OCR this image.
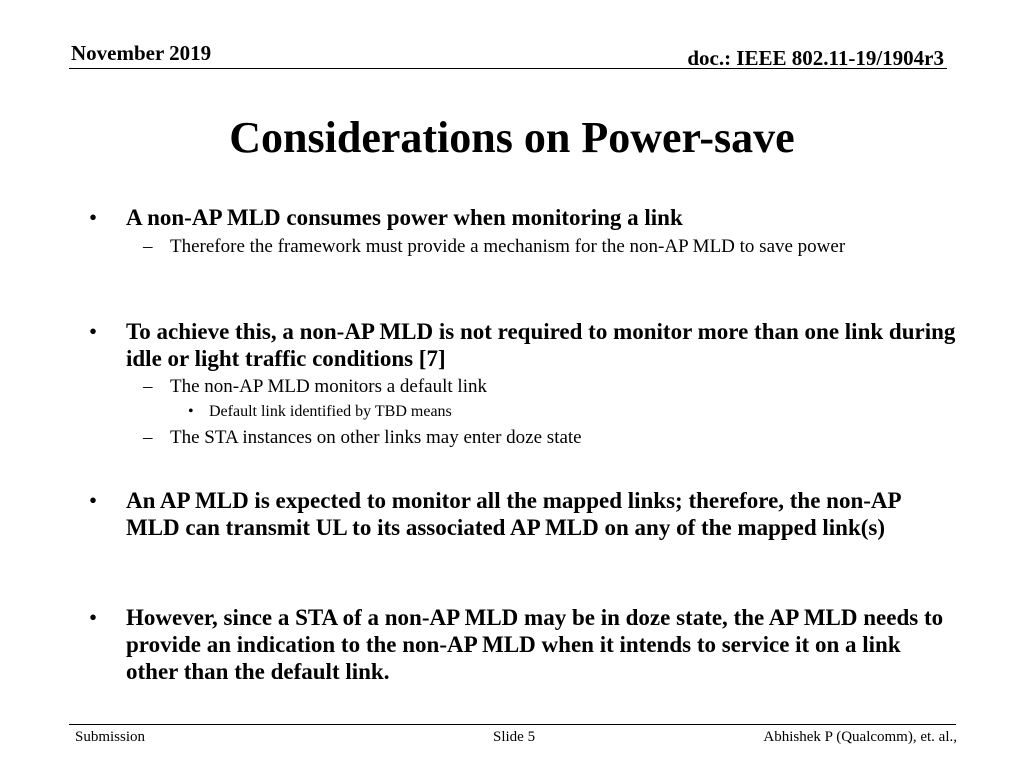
November 2019	doc.: IEEE 802.11-19/1904r3
Considerations on Power-save
• A non-AP MLD consumes power when monitoring a link
– Therefore the framework must provide a mechanism for the non-AP MLD to save power
• To achieve this, a non-AP MLD is not required to monitor more than one link during idle or light traffic conditions [7]
– The non-AP MLD monitors a default link
• Default link identified by TBD means
– The STA instances on other links may enter doze state
• An AP MLD is expected to monitor all the mapped links; therefore, the non-AP MLD can transmit UL to its associated AP MLD on any of the mapped link(s)
• However, since a STA of a non-AP MLD may be in doze state, the AP MLD needs to provide an indication to the non-AP MLD when it intends to service it on a link other than the default link.
Submission	Slide 5	Abhishek P (Qualcomm), et. al.,
